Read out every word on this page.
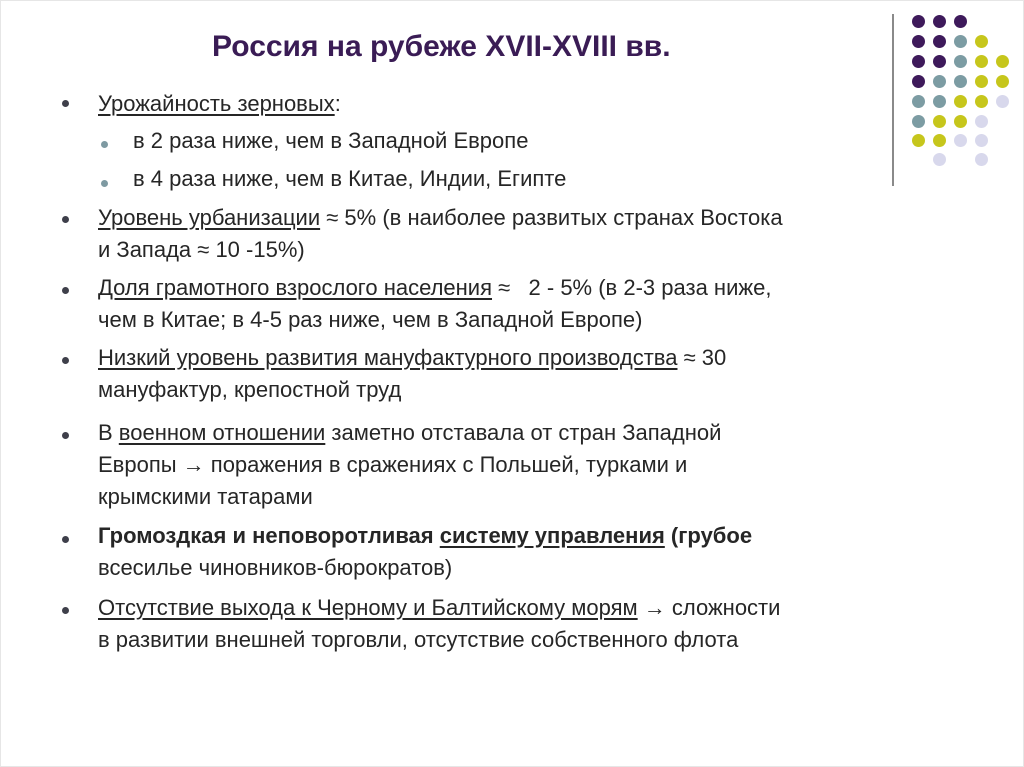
Россия на рубеже XVII-XVIII вв.
Урожайность зерновых:
в 2 раза ниже, чем в Западной Европе
в 4 раза ниже, чем в Китае, Индии, Египте
Уровень урбанизации ≈ 5% (в наиболее развитых странах Востока
и Запада ≈ 10 -15%)
Доля грамотного взрослого населения ≈   2 - 5% (в 2-3 раза ниже,
чем в Китае; в 4-5 раз ниже, чем в Западной Европе)
Низкий уровень развития мануфактурного производства ≈ 30
мануфактур, крепостной труд
В военном отношении заметно отставала от стран Западной
Европы → поражения в сражениях с Польшей, турками и
крымскими татарами
Громоздкая и неповоротливая систему управления (грубое
всесилье чиновников-бюрократов)
Отсутствие выхода к Черному и Балтийскому морям → сложности
в развитии внешней торговли, отсутствие собственного флота
